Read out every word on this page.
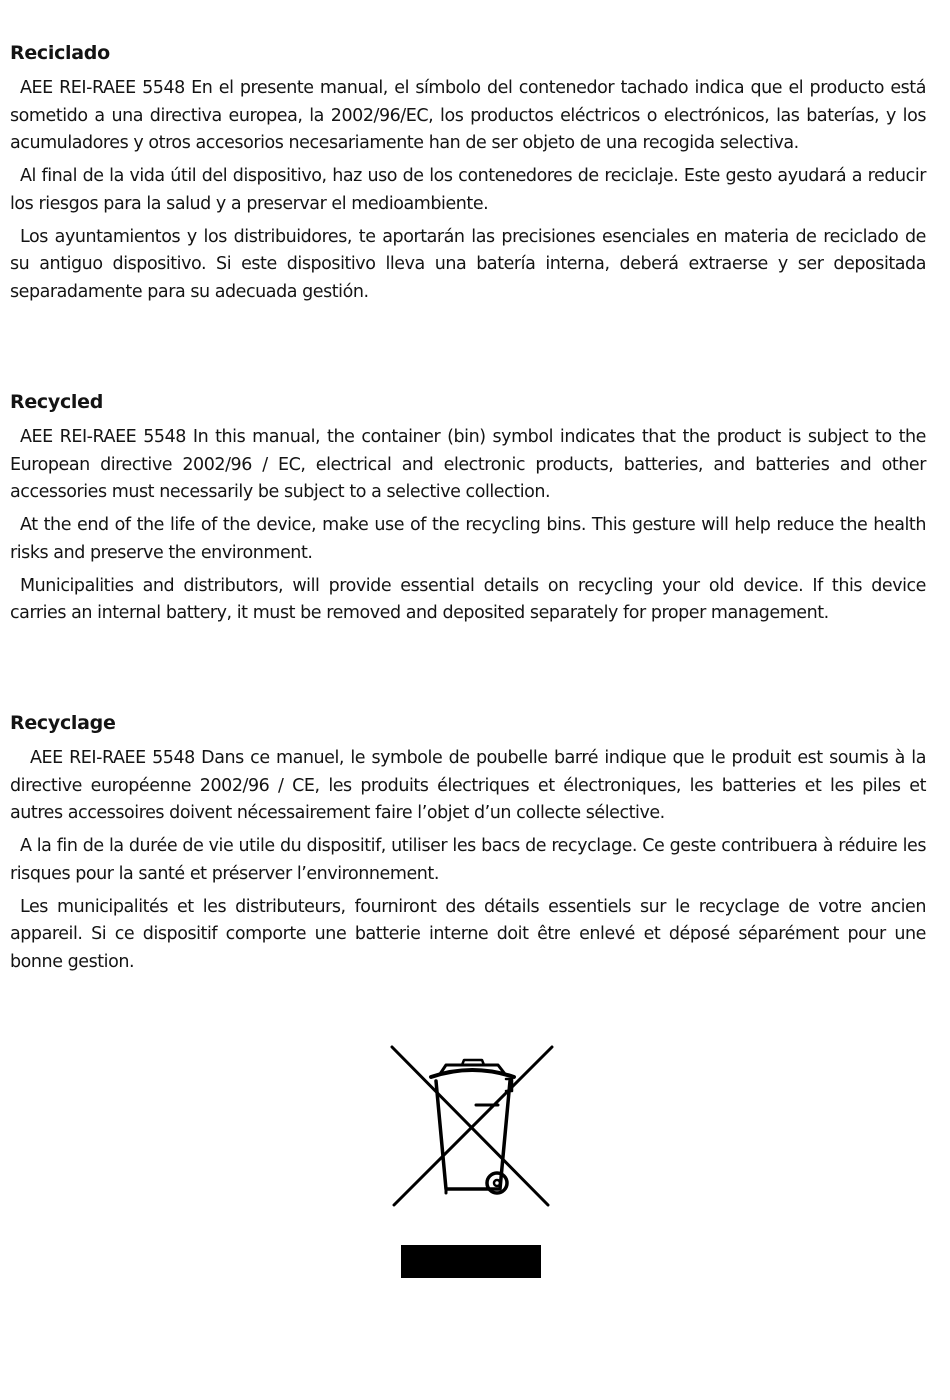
Reciclado

AEE REI-RAEE 5548 En el presente manual, el símbolo del contenedor tachado indica que el producto está sometido a una directiva europea, la 2002/96/EC, los productos eléctricos o electrónicos, las baterías, y los acumuladores y otros accesorios necesariamente han de ser objeto de una recogida selectiva.

Al final de la vida útil del dispositivo, haz uso de los contenedores de reciclaje. Este gesto ayudará a reducir los riesgos para la salud y a preservar el medioambiente.

Los ayuntamientos y los distribuidores, te aportarán las precisiones esenciales en materia de reciclado de su antiguo dispositivo. Si este dispositivo lleva una batería interna, deberá extraerse y ser depositada separadamente para su adecuada gestión.

Recycled

AEE REI-RAEE 5548 In this manual, the container (bin) symbol indicates that the product is subject to the European directive 2002/96 / EC, electrical and electronic products, batteries, and batteries and other accessories must necessarily be subject to a selective collection.

At the end of the life of the device, make use of the recycling bins. This gesture will help reduce the health risks and preserve the environment.

Municipalities and distributors, will provide essential details on recycling your old device. If this device carries an internal battery, it must be removed and deposited separately for proper management.

Recyclage

AEE REI-RAEE 5548 Dans ce manuel, le symbole de poubelle barré indique que le produit est soumis à la directive européenne 2002/96 / CE, les produits électriques et électroniques, les batteries et les piles et autres accessoires doivent nécessairement faire l’objet d’un collecte sélective.

A la fin de la durée de vie utile du dispositif, utiliser les bacs de recyclage. Ce geste contribuera à réduire les risques pour la santé et préserver l’environnement.

Les municipalités et les distributeurs, fourniront des détails essentiels sur le recyclage de votre ancien appareil. Si ce dispositif comporte une batterie interne doit être enlevé et déposé séparément pour une bonne gestion.
